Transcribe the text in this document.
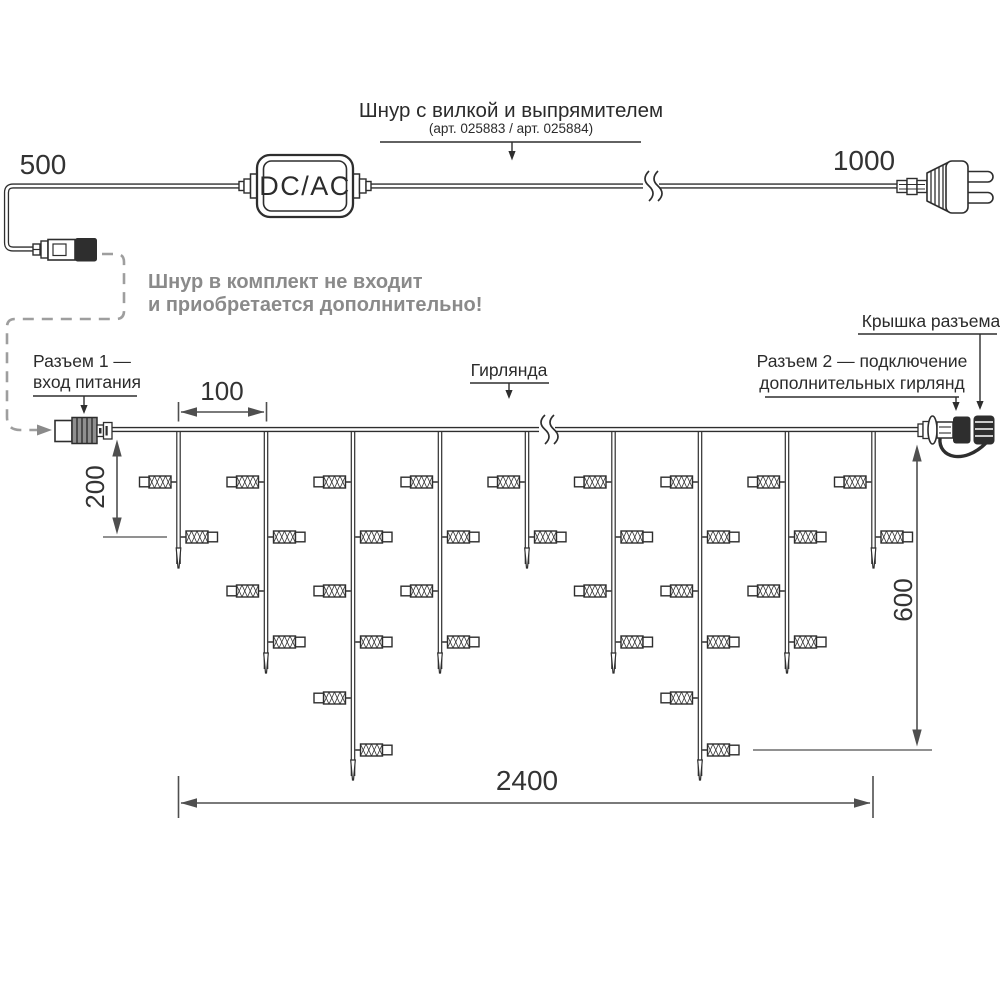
DC/AC
Шнур с вилкой и выпрямителем
(арт. 025883 / арт. 025884)
Шнур в комплект не входит
и приобретается дополнительно!
Разъем 1 —
вход питания
Гирлянда	Разъем 2 — подключение
дополнительных гирлянд
Крышка разъема
500	1000
100
200
600
2400
